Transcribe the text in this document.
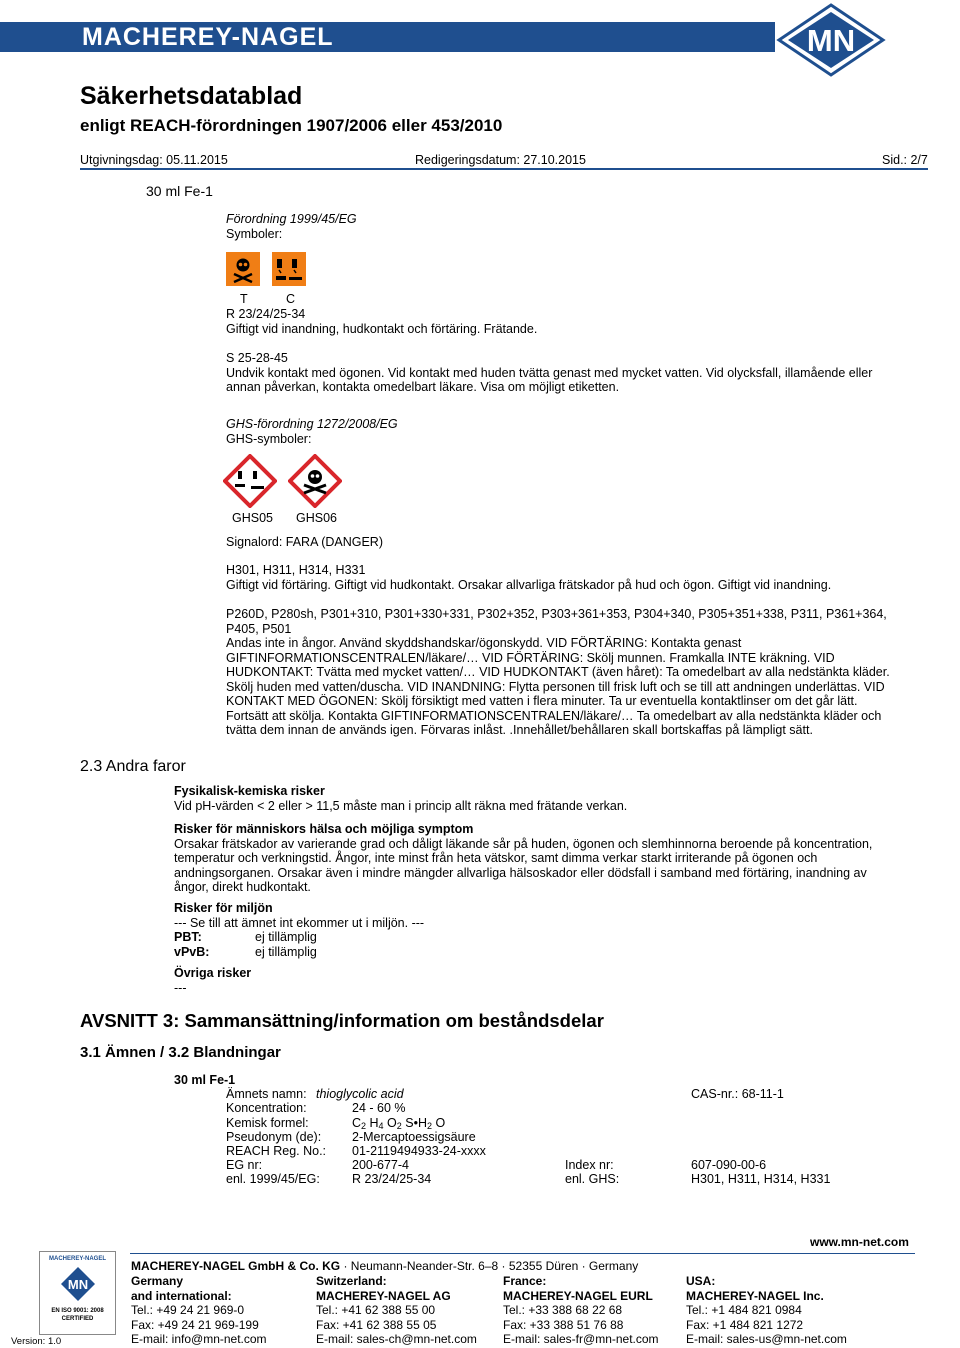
MACHEREY-NAGEL	MN
Säkerhetsdatablad
enligt REACH-förordningen 1907/2006 eller 453/2010
Utgivningsdag: 05.11.2015	Redigeringsdatum: 27.10.2015	Sid.: 2/7
30 ml Fe-1
Förordning 1999/45/EG
Symboler:
T	C
R 23/24/25-34
Giftigt vid inandning, hudkontakt och förtäring. Frätande.
S 25-28-45
Undvik kontakt med ögonen. Vid kontakt med huden tvätta genast med mycket vatten. Vid olycksfall, illamående eller
annan påverkan, kontakta omedelbart läkare. Visa om möjligt etiketten.
GHS-förordning 1272/2008/EG
GHS-symboler:
GHS05 GHS06
Signalord: FARA (DANGER)
H301, H311, H314, H331
Giftigt vid förtäring. Giftigt vid hudkontakt. Orsakar allvarliga frätskador på hud och ögon. Giftigt vid inandning.
P260D, P280sh, P301+310, P301+330+331, P302+352, P303+361+353, P304+340, P305+351+338, P311, P361+364,
P405, P501
Andas inte in ångor. Använd skyddshandskar/ögonskydd. VID FÖRTÄRING: Kontakta genast
GIFTINFORMATIONSCENTRALEN/läkare/… VID FÖRTÄRING: Skölj munnen. Framkalla INTE kräkning. VID
HUDKONTAKT: Tvätta med mycket vatten/… VID HUDKONTAKT (även håret): Ta omedelbart av alla nedstänkta kläder.
Skölj huden med vatten/duscha. VID INANDNING: Flytta personen till frisk luft och se till att andningen underlättas. VID
KONTAKT MED ÖGONEN: Skölj försiktigt med vatten i flera minuter. Ta ur eventuella kontaktlinser om det går lätt.
Fortsätt att skölja. Kontakta GIFTINFORMATIONSCENTRALEN/läkare/… Ta omedelbart av alla nedstänkta kläder och
tvätta dem innan de används igen. Förvaras inlåst. .Innehållet/behållaren skall bortskaffas på lämpligt sätt.
2.3 Andra faror
Fysikalisk-kemiska risker
Vid pH-värden < 2 eller > 11,5 måste man i princip allt räkna med frätande verkan.
Risker för människors hälsa och möjliga symptom
Orsakar frätskador av varierande grad och dåligt läkande sår på huden, ögonen och slemhinnorna beroende på koncentration,
temperatur och verkningstid. Ångor, inte minst från heta vätskor, samt dimma verkar starkt irriterande på ögonen och
andningsorganen. Orsakar även i mindre mängder allvarliga hälsoskador eller dödsfall i samband med förtäring, inandning av
ångor, direkt hudkontakt.
Risker för miljön
--- Se till att ämnet int ekommer ut i miljön. ---
PBT:	ej tillämplig
vPvB:	ej tillämplig
Övriga risker
---
AVSNITT 3: Sammansättning/information om beståndsdelar
3.1 Ämnen / 3.2 Blandningar
30 ml Fe-1
Ämnets namn: thioglycolic acid	CAS-nr.: 68-11-1
Koncentration:	24 - 60 %
Kemisk formel:	$C_2$ $H_4$ $O_2$ $S•H_2$ O
Pseudonym (de): 2-Mercaptoessigsäure
REACH Reg. No.: 01-2119494933-24-xxxx
EG nr:	200-677-4	Index nr:	607-090-00-6
enl. 1999/45/EG:	R 23/24/25-34	enl. GHS:	H301, H311, H314, H331
MACHEREY-NAGEL
MN
EN ISO 9001: 2008
CERTIFIED
Version: 1.0
MACHEREY-NAGEL GmbH & Co. KG · Neumann-Neander-Str. 6–8 · 52355 Düren · Germany
www.mn-net.com
Germany
and international:
Tel.: +49 24 21 969-0
Fax: +49 24 21 969-199
E-mail: info@mn-net.com
Switzerland:
MACHEREY-NAGEL AG
Tel.: +41 62 388 55 00
Fax: +41 62 388 55 05
E-mail: sales-ch@mn-net.com
France:
MACHEREY-NAGEL EURL
Tel.: +33 388 68 22 68
Fax: +33 388 51 76 88
E-mail: sales-fr@mn-net.com
USA:
MACHEREY-NAGEL Inc.
Tel.: +1 484 821 0984
Fax: +1 484 821 1272
E-mail: sales-us@mn-net.com
